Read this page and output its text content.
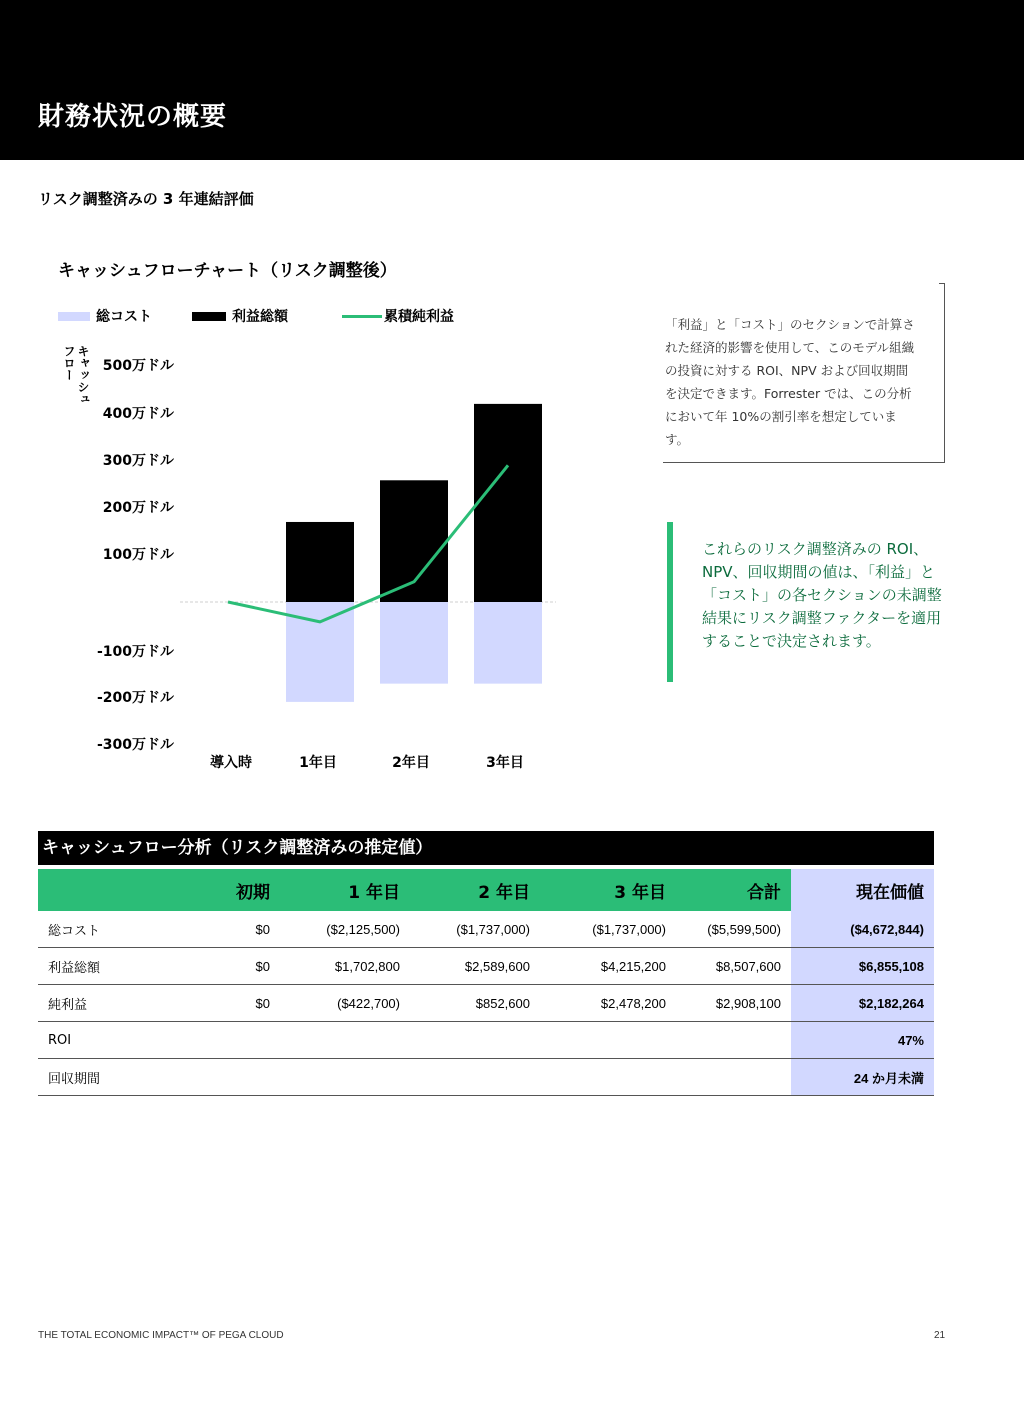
財務状況の概要
リスク調整済みの 3 年連結評価
キャッシュフローチャート（リスク調整後）
総コスト	利益総額	累積純利益
キャッシュ
フロー	500万ドル
400万ドル
300万ドル
200万ドル
100万ドル
-100万ドル
-200万ドル
-300万ドル
導入時	1年目	2年目	3年目

「利益」と「コスト」のセクションで計算された経済的影響を使用して、このモデル組織の投資に対する ROI、NPV および回収期間を決定できます。Forrester では、この分析において年 10%の割引率を想定しています。

これらのリスク調整済みの ROI、NPV、回収期間の値は、「利益」と「コスト」の各セクションの未調整結果にリスク調整ファクターを適用することで決定されます。
キャッシュフロー分析（リスク調整済みの推定値）
	初期	1 年目	2 年目	3 年目	合計	現在価値
総コスト	$0	($2,125,500)	($1,737,000)	($1,737,000)	($5,599,500)	($4,672,844)
利益総額	$0	$1,702,800	$2,589,600	$4,215,200	$8,507,600	$6,855,108
純利益	$0	($422,700)	$852,600	$2,478,200	$2,908,100	$2,182,264
ROI						47%
回収期間						24 か月未満
THE TOTAL ECONOMIC IMPACT™ OF PEGA CLOUD	21
